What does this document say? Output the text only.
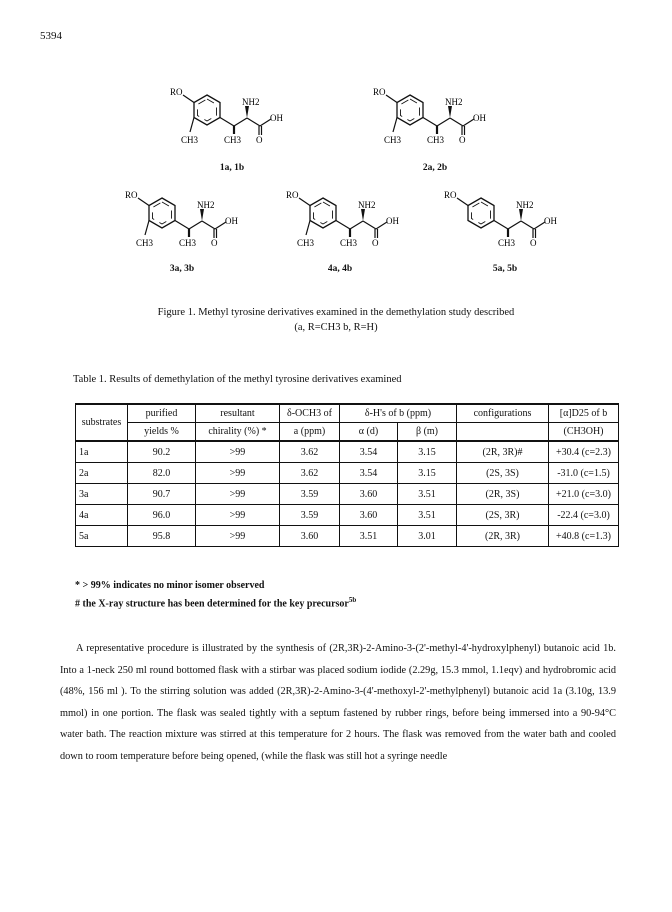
5394
RO
NH2
OH
CH3	CH3 O
RO
NH2
OH
CH3	CH3 O
RO
NH2
OH
CH3	CH3 O
RO
NH2
OH
CH3	CH3 O
RO
NH2
OH
CH3 O
1a, 1b	2a, 2b
3a, 3b	4a, 4b	5a, 5b
Figure 1. Methyl tyrosine derivatives examined in the demethylation study described
(a, R=CH3 b, R=H)
Table 1. Results of demethylation of the methyl tyrosine derivatives examined
substrates	purified	resultant	δ-OCH3 of	δ-H's of b (ppm)		configurations	[α]D25 of b
	yields %	chirality (%) *	a (ppm)	α (d)	β (m)		(CH3OH)
1a	90.2	>99	3.62	3.54	3.15	(2R, 3R)#	+30.4 (c=2.3)
2a	82.0	>99	3.62	3.54	3.15	(2S, 3S)	-31.0 (c=1.5)
3a	90.7	>99	3.59	3.60	3.51	(2R, 3S)	+21.0 (c=3.0)
4a	96.0	>99	3.59	3.60	3.51	(2S, 3R)	-22.4 (c=3.0)
5a	95.8	>99	3.60	3.51	3.01	(2R, 3R)	+40.8 (c=1.3)
* > 99% indicates no minor isomer observed
# the X-ray structure has been determined for the key precursor$^{5b}$

A representative procedure is illustrated by the synthesis of (2R,3R)-2-Amino-3-(2'-methyl-4'-hydroxylphenyl) butanoic acid 1b. Into a 1-neck 250 ml round bottomed flask with a stirbar was placed sodium iodide (2.29g, 15.3 mmol, 1.1eqv) and hydrobromic acid (48%, 156 ml ). To the stirring solution was added (2R,3R)-2-Amino-3-(4'-methoxyl-2'-methylphenyl) butanoic acid 1a (3.10g, 13.9 mmol) in one portion. The flask was sealed tightly with a septum fastened by rubber rings, before being immersed into a 90-94°C water bath. The reaction mixture was stirred at this temperature for 2 hours. The flask was removed from the water bath and cooled down to room temperature before being opened, (while the flask was still hot a syringe needle
